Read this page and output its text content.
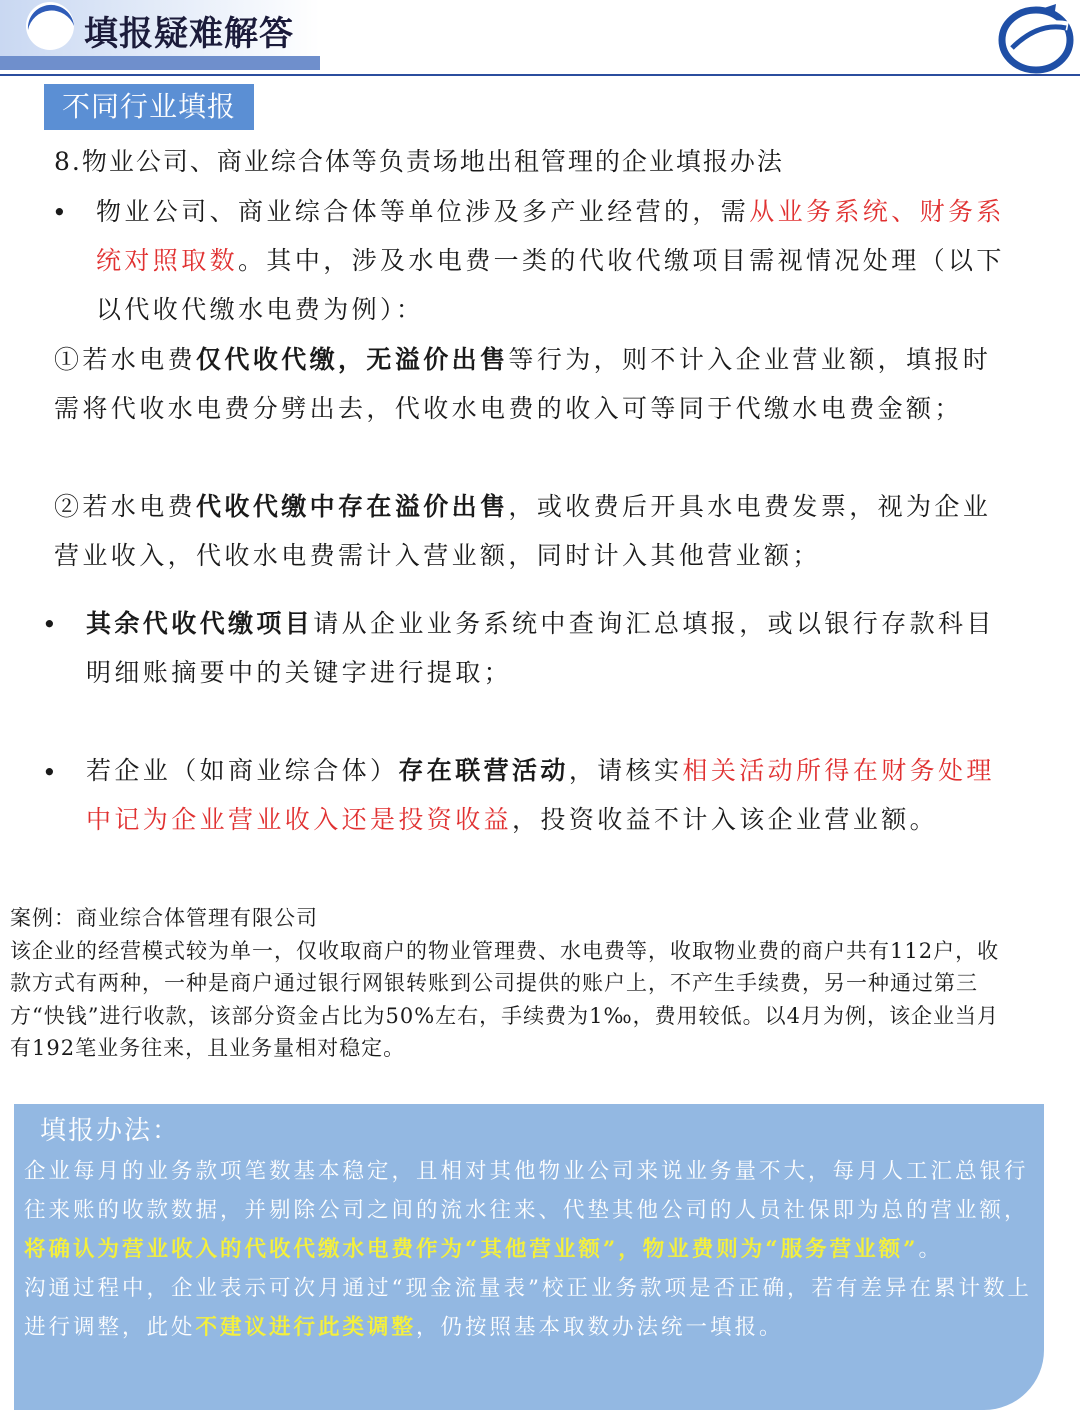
填报疑难解答
不同行业填报
8.物业公司、商业综合体等负责场地出租管理的企业填报办法
• 物业公司、商业综合体等单位涉及多产业经营的，需从业务系统、财务系统对照取数。其中，涉及水电费一类的代收代缴项目需视情况处理（以下以代收代缴水电费为例）：
①若水电费仅代收代缴，无溢价出售等行为，则不计入企业营业额，填报时需将代收水电费分劈出去，代收水电费的收入可等同于代缴水电费金额；
②若水电费代收代缴中存在溢价出售，或收费后开具水电费发票，视为企业营业收入，代收水电费需计入营业额，同时计入其他营业额；
• 其余代收代缴项目请从企业业务系统中查询汇总填报，或以银行存款科目明细账摘要中的关键字进行提取；
• 若企业（如商业综合体）存在联营活动，请核实相关活动所得在财务处理中记为企业营业收入还是投资收益，投资收益不计入该企业营业额。
案例：商业综合体管理有限公司
该企业的经营模式较为单一，仅收取商户的物业管理费、水电费等，收取物业费的商户共有112户，收款方式有两种，一种是商户通过银行网银转账到公司提供的账户上，不产生手续费，另一种通过第三方“快钱”进行收款，该部分资金占比为50%左右，手续费为1‰，费用较低。以4月为例，该企业当月有192笔业务往来，且业务量相对稳定。
填报办法：
企业每月的业务款项笔数基本稳定，且相对其他物业公司来说业务量不大，每月人工汇总银行往来账的收款数据，并剔除公司之间的流水往来、代垫其他公司的人员社保即为总的营业额，将确认为营业收入的代收代缴水电费作为“其他营业额”，物业费则为“服务营业额”。
沟通过程中，企业表示可次月通过“现金流量表”校正业务款项是否正确，若有差异在累计数上进行调整，此处不建议进行此类调整，仍按照基本取数办法统一填报。
